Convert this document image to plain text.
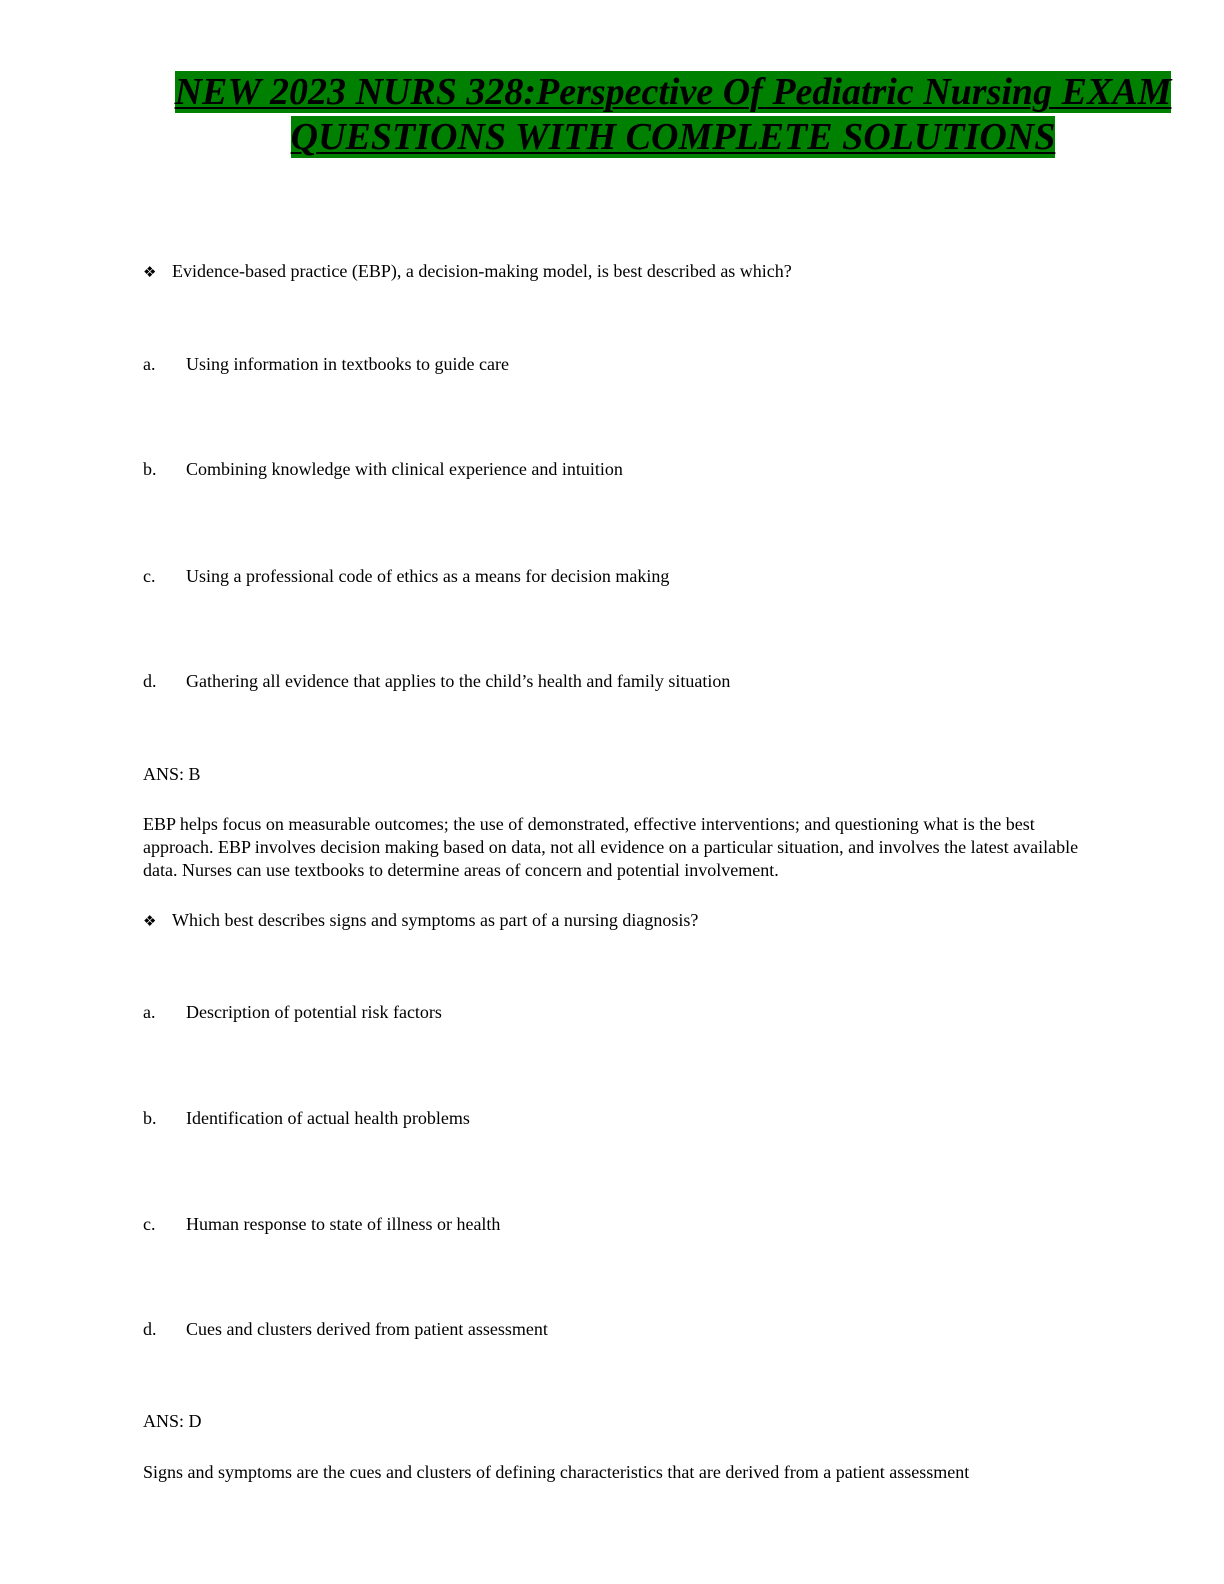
NEW 2023 NURS 328:Perspective Of Pediatric Nursing EXAM QUESTIONS WITH COMPLETE SOLUTIONS

❖ Evidence-based practice (EBP), a decision-making model, is best described as which?

a. Using information in textbooks to guide care

b. Combining knowledge with clinical experience and intuition

c. Using a professional code of ethics as a means for decision making

d. Gathering all evidence that applies to the child’s health and family situation

ANS: B

EBP helps focus on measurable outcomes; the use of demonstrated, effective interventions; and questioning what is the best approach. EBP involves decision making based on data, not all evidence on a particular situation, and involves the latest available data. Nurses can use textbooks to determine areas of concern and potential involvement.

❖ Which best describes signs and symptoms as part of a nursing diagnosis?

a. Description of potential risk factors

b. Identification of actual health problems

c. Human response to state of illness or health

d. Cues and clusters derived from patient assessment

ANS: D

Signs and symptoms are the cues and clusters of defining characteristics that are derived from a patient assessment
